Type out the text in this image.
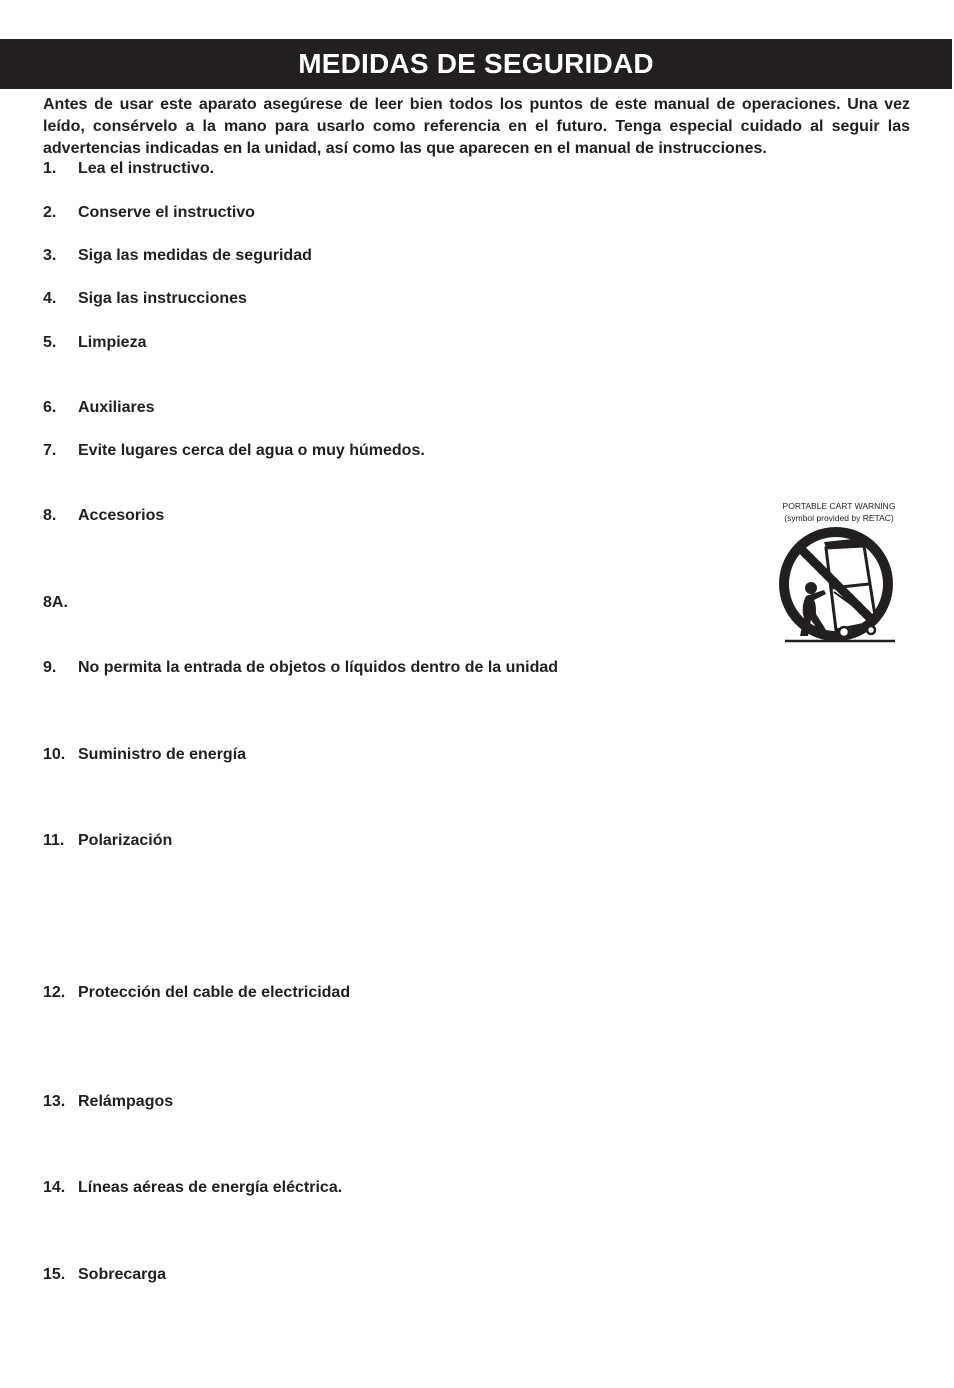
MEDIDAS DE SEGURIDAD

Antes de usar este aparato asegúrese de leer bien todos los puntos de este manual de operaciones. Una vez leído, consérvelo a la mano para usarlo como referencia en el futuro. Tenga especial cuidado al seguir las advertencias indicadas en la unidad, así como las que aparecen en el manual de instrucciones.

1. Lea el instructivo.
2. Conserve el instructivo
3. Siga las medidas de seguridad
4. Siga las instrucciones
5. Limpieza
6. Auxiliares
7. Evite lugares cerca del agua o muy húmedos.
8. Accesorios
8A.
9. No permita la entrada de objetos o líquidos dentro de la unidad
10. Suministro de energía
11. Polarización
12. Protección del cable de electricidad
13. Relámpagos
14. Líneas aéreas de energía eléctrica.
15. Sobrecarga
PORTABLE CART WARNING
(symbol provided by RETAC)
